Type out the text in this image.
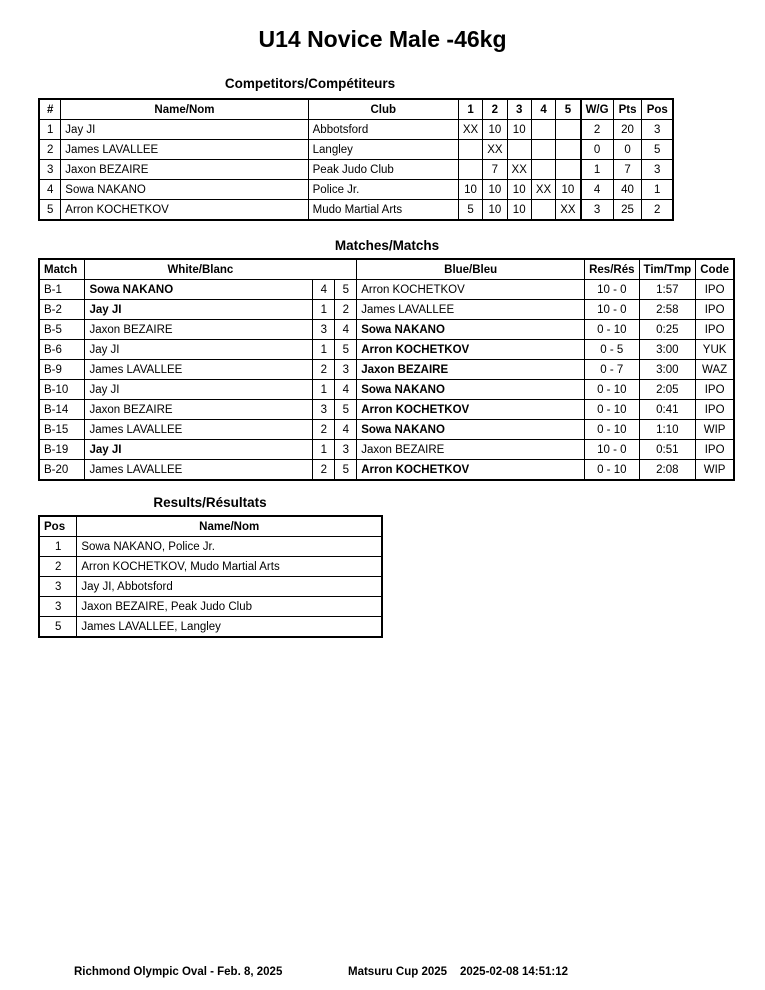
U14 Novice Male -46kg
Competitors/Compétiteurs
#	Name/Nom	Club	1	2	3	4	5	W/G	Pts	Pos
1	Jay JI	Abbotsford	XX	10	10			2	20	3
2	James LAVALLEE	Langley		XX				0	0	5
3	Jaxon BEZAIRE	Peak Judo Club		7	XX			1	7	3
4	Sowa NAKANO	Police Jr.	10	10	10	XX	10	4	40	1
5	Arron KOCHETKOV	Mudo Martial Arts	5	10	10		XX	3	25	2
Matches/Matchs
Match	White/Blanc			Blue/Bleu	Res/Rés	Tim/Tmp	Code
B-1	Sowa NAKANO	4	5	Arron KOCHETKOV	10 - 0	1:57	IPO
B-2	Jay JI	1	2	James LAVALLEE	10 - 0	2:58	IPO
B-5	Jaxon BEZAIRE	3	4	Sowa NAKANO	0 - 10	0:25	IPO
B-6	Jay JI	1	5	Arron KOCHETKOV	0 - 5	3:00	YUK
B-9	James LAVALLEE	2	3	Jaxon BEZAIRE	0 - 7	3:00	WAZ
B-10	Jay JI	1	4	Sowa NAKANO	0 - 10	2:05	IPO
B-14	Jaxon BEZAIRE	3	5	Arron KOCHETKOV	0 - 10	0:41	IPO
B-15	James LAVALLEE	2	4	Sowa NAKANO	0 - 10	1:10	WIP
B-19	Jay JI	1	3	Jaxon BEZAIRE	10 - 0	0:51	IPO
B-20	James LAVALLEE	2	5	Arron KOCHETKOV	0 - 10	2:08	WIP
Results/Résultats
Pos	Name/Nom
1	Sowa NAKANO, Police Jr.
2	Arron KOCHETKOV, Mudo Martial Arts
3	Jay JI, Abbotsford
3	Jaxon BEZAIRE, Peak Judo Club
5	James LAVALLEE, Langley
Richmond Olympic Oval - Feb. 8, 2025	Matsuru Cup 2025 2025-02-08 14:51:12
